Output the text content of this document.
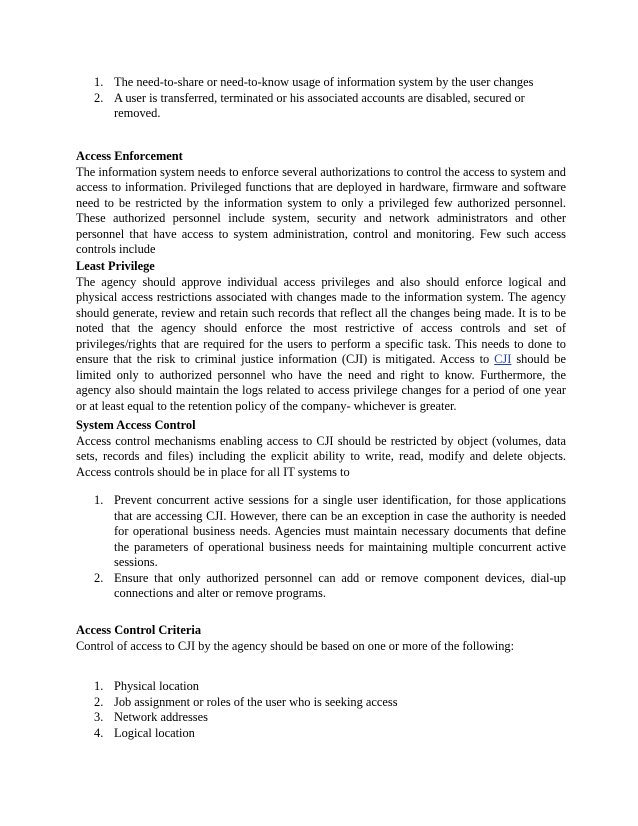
1. The need-to-share or need-to-know usage of information system by the user changes
2. A user is transferred, terminated or his associated accounts are disabled, secured or removed.

Access Enforcement

The information system needs to enforce several authorizations to control the access to system and access to information. Privileged functions that are deployed in hardware, firmware and software need to be restricted by the information system to only a privileged few authorized personnel. These authorized personnel include system, security and network administrators and other personnel that have access to system administration, control and monitoring. Few such access controls include

Least Privilege

The agency should approve individual access privileges and also should enforce logical and physical access restrictions associated with changes made to the information system. The agency should generate, review and retain such records that reflect all the changes being made. It is to be noted that the agency should enforce the most restrictive of access controls and set of privileges/rights that are required for the users to perform a specific task. This needs to done to ensure that the risk to criminal justice information (CJI) is mitigated. Access to CJI should be limited only to authorized personnel who have the need and right to know. Furthermore, the agency also should maintain the logs related to access privilege changes for a period of one year or at least equal to the retention policy of the company- whichever is greater.

System Access Control

Access control mechanisms enabling access to CJI should be restricted by object (volumes, data sets, records and files) including the explicit ability to write, read, modify and delete objects. Access controls should be in place for all IT systems to

1. Prevent concurrent active sessions for a single user identification, for those applications that are accessing CJI. However, there can be an exception in case the authority is needed for operational business needs. Agencies must maintain necessary documents that define the parameters of operational business needs for maintaining multiple concurrent active sessions.
2. Ensure that only authorized personnel can add or remove component devices, dial-up connections and alter or remove programs.

Access Control Criteria

Control of access to CJI by the agency should be based on one or more of the following:

1. Physical location
2. Job assignment or roles of the user who is seeking access
3. Network addresses
4. Logical location
